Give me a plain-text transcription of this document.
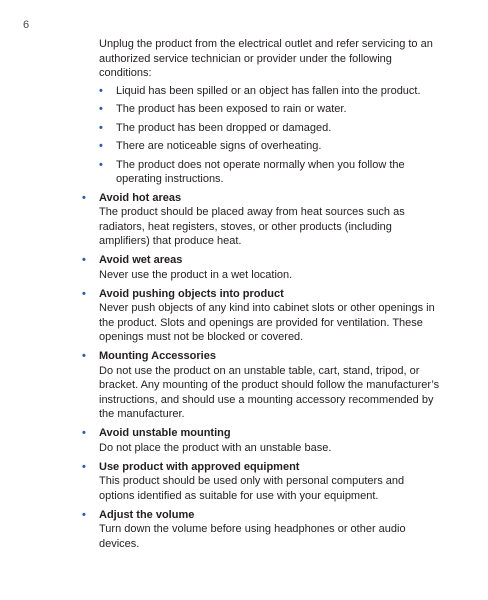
6

Unplug the product from the electrical outlet and refer servicing to an authorized service technician or provider under the following conditions:

• Liquid has been spilled or an object has fallen into the product.
• The product has been exposed to rain or water.
• The product has been dropped or damaged.
• There are noticeable signs of overheating.
• The product does not operate normally when you follow the operating instructions.
• Avoid hot areas
The product should be placed away from heat sources such as radiators, heat registers, stoves, or other products (including amplifiers) that produce heat.
• Avoid wet areas
Never use the product in a wet location.
• Avoid pushing objects into product
Never push objects of any kind into cabinet slots or other openings in the product. Slots and openings are provided for ventilation. These openings must not be blocked or covered.
• Mounting Accessories
Do not use the product on an unstable table, cart, stand, tripod, or bracket. Any mounting of the product should follow the manufacturer’s instructions, and should use a mounting accessory recommended by the manufacturer.
• Avoid unstable mounting
Do not place the product with an unstable base.
• Use product with approved equipment
This product should be used only with personal computers and options identified as suitable for use with your equipment.
• Adjust the volume
Turn down the volume before using headphones or other audio devices.
